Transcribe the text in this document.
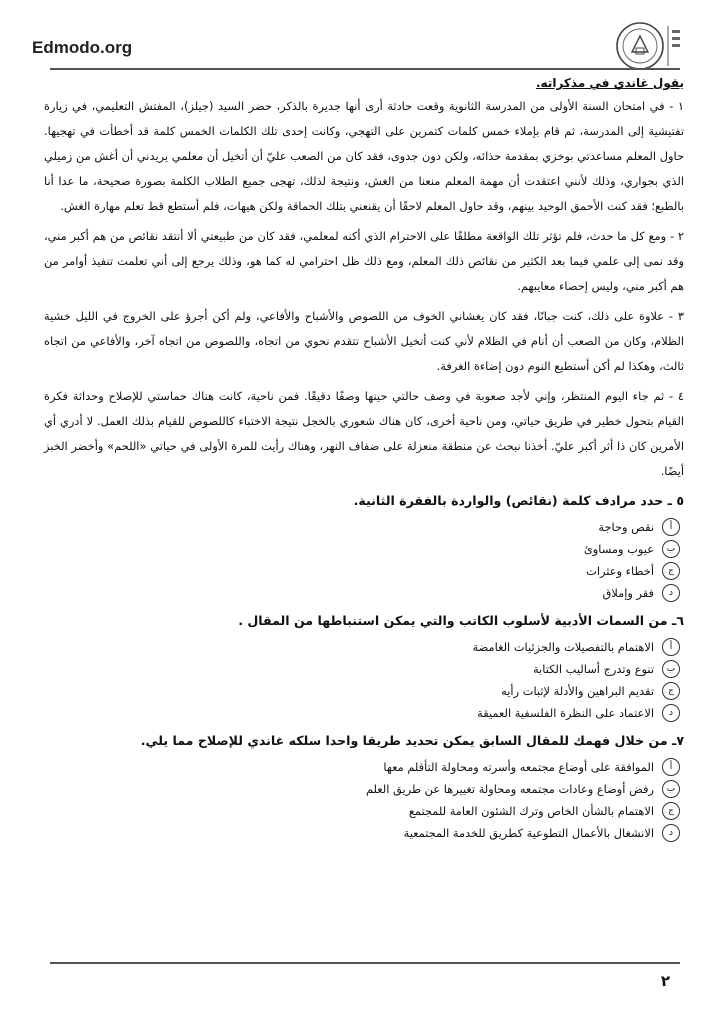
Edmodo.org

يقول غاندي في مذكراته.

١ - في امتحان السنة الأولى من المدرسة الثانوية وقعت حادثة أرى أنها جديرة بالذكر، حضر السيد (جيلز)، المفتش التعليمي، في زيارة تفتيشية إلى المدرسة، ثم قام بإملاء خمس كلمات كتمرين على التهجي، وكانت إحدى تلك الكلمات الخمس كلمة قد أخطأت في تهجيها. حاول المعلم مساعدتي بوخزي بمقدمة حذائه، ولكن دون جدوى، فقد كان من الصعب عليّ أن أتخيل أن معلمي يريدني أن أغش من زميلي الذي بجواري، وذلك لأنني اعتقدت أن مهمة المعلم منعنا من الغش، ونتيجة لذلك، تهجى جميع الطلاب الكلمة بصورة صحيحة، ما عدا أنا بالطبع؛ فقد كنت الأحمق الوحيد بينهم، وقد حاول المعلم لاحقًا أن يقنعني بتلك الحماقة ولكن هيهات، فلم أستطع قط تعلم مهارة الغش.

٢ - ومع كل ما حدث، فلم تؤثر تلك الواقعة مطلقًا على الاحترام الذي أكنه لمعلمي، فقد كان من طبيعتي ألا أنتقد نقائص من هم أكبر مني، وقد نمى إلى علمي فيما بعد الكثير من نقائص ذلك المعلم، ومع ذلك ظل احترامي له كما هو، وذلك يرجع إلى أني تعلمت تنفيذ أوامر من هم أكبر مني، وليس إحصاء معايبهم.

٣ - علاوة على ذلك، كنت جبانًا، فقد كان يغشاني الخوف من اللصوص والأشباح والأفاعي، ولم أكن أجرؤ على الخروج في الليل خشية الظلام، وكان من الصعب أن أنام في الظلام لأني كنت أتخيل الأشباح تتقدم نحوي من اتجاه، واللصوص من اتجاه آخر، والأفاعي من اتجاه ثالث، وهكذا لم أكن أستطيع النوم دون إضاءة الغرفة.

٤ - ثم جاء اليوم المنتظر، وإني لأجد صعوبة في وصف حالتي حينها وصفًا دقيقًا. فمن ناحية، كانت هناك حماستي للإصلاح وحداثة فكرة القيام بتحول خطير في طريق حياتي، ومن ناحية أخرى، كان هناك شعوري بالخجل نتيجة الاختباء كاللصوص للقيام بذلك العمل. لا أدري أي الأمرين كان ذا أثر أكبر عليّ. أخذنا نبحث عن منطقة منعزلة على ضفاف النهر، وهناك رأيت للمرة الأولى في حياتي «اللحم» وأخضر الخبز أيضًا.

٥ ـ حدد مرادف كلمة (نقائص) والواردة بالفقرة الثانية.
أ
نقص وحاجة
ب
عيوب ومساوئ
ج
أخطاء وعثرات
د
فقر وإملاق
٦ـ من السمات الأدبية لأسلوب الكاتب والتي يمكن استنباطها من المقال .
أ
الاهتمام بالتفصيلات والجزئيات الغامضة
ب
تنوع وتدرج أساليب الكتابة
ج
تقديم البراهين والأدلة لإثبات رأيه
د
الاعتماد على النظرة الفلسفية العميقة
٧ـ من خلال فهمك للمقال السابق يمكن تحديد طريقا واحدا سلكه غاندي للإصلاح مما يلي.
أ
الموافقة على أوضاع مجتمعه وأسرته ومحاولة التأقلم معها
ب
رفض أوضاع وعادات مجتمعه ومحاولة تغييرها عن طريق العلم
ج
الاهتمام بالشأن الخاص وترك الشئون العامة للمجتمع
د
الانشغال بالأعمال التطوعية كطريق للخدمة المجتمعية
٢
